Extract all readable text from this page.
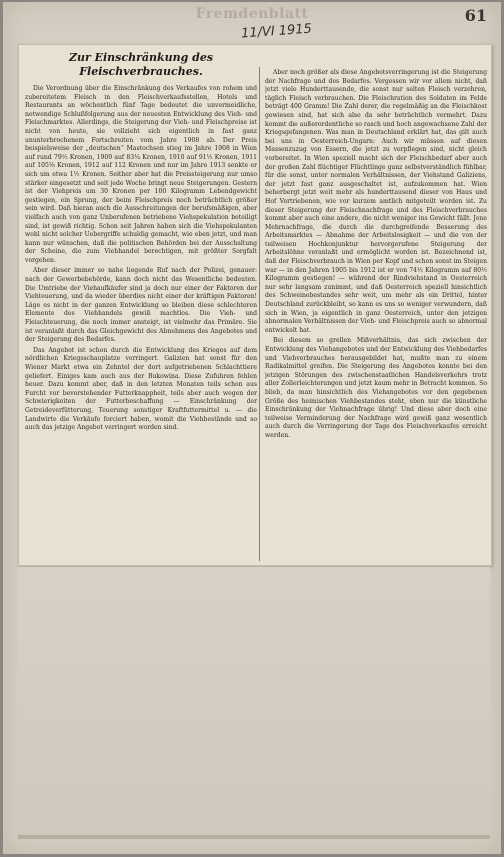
Fremdenblatt	61
11/VI 1915
Zur Einschränkung des Fleischverbrauches.

Die Verordnung über die Einschränkung des Verkaufes von rohem und zubereitetem Fleisch in den Fleischverkaufsstellen, Hotels und Restaurants an wöchentlich fünf Tage bedeutet die unvermeidliche, notwendige Schlußfolgerung aus der neuesten Entwicklung des Vieh- und Fleischmarktes. Allerdings, die Steigerung der Vieh- und Fleischpreise ist nicht von heute, sie vollzieht sich eigentlich in fast ganz ununterbrochenem Fortschreiten vom Jahre 1908 ab. Der Preis beispielsweise der „deutschen“ Mastochsen stieg im Jahre 1908 in Wien auf rund 79½ Kronen, 1909 auf 83¼ Kronen, 1910 auf 91½ Kronen, 1911 auf 105⅛ Kronen, 1912 auf 112 Kronen und nur im Jahre 1913 senkte er sich um etwa 1½ Kronen. Seither aber hat die Preissteigerung nur umso stärker eingesetzt und seit jede Woche bringt neue Steigerungen. Gestern ist der Viehpreis um 30 Kronen per 100 Kilogramm Lebendgewicht gestiegen, ein Sprung, der beim Fleischpreis noch beträchtlich größer sein wird. Daß hieran auch die Ausschreitungen der berufsmäßigen, aber vielfach auch von ganz Unberufenen betriebene Viehspekulation beteiligt sind, ist gewiß richtig. Schon seit Jahren haben sich die Viehspekulanten wohl nicht solcher Uebergriffe schuldig gemacht, wie eben jetzt, und man kann nur wünschen, daß die politischen Behörden bei der Ausschaltung der Scheine, die zum Viehhandel berechtigen, mit größter Sorgfalt vorgehen.

Aber dieser immer so nahe liegende Ruf nach der Polizei, genauer: nach der Gewerbebehörde, kann doch nicht das Wesentliche bedeuten. Die Umtriebe der Viehaufkäufer sind ja doch nur einer der Faktoren der Viehteuerung, und da wieder überdies nicht einer der kräftigen Faktoren! Läge es nicht in der ganzen Entwicklung so bleiben diese schlechteren Elemente des Viehhandels gewiß machtlos. Die Vieh- und Fleischteuerung, die noch immer ansteigt, ist vielmehr das Primäre. Sie ist veranlaßt durch das Gleichgewicht des Abnehmens des Angebotes und der Steigerung des Bedarfes.

Das Angebot ist schon durch die Entwicklung des Krieges auf dem nördlichen Kriegsschauplatze verringert. Galizien hat sonst für den Wiener Markt etwa ein Zehntel der dort aufgetriebenen Schlachttiere geliefert. Einiges kam auch aus der Bukowina. Diese Zufuhren fehlen heuer. Dazu kommt aber, daß in den letzten Monaten teils schon aus Furcht vor bevorstehender Futterknappheit, teils aber auch wegen der Schwierigkeiten der Futterbeschaffung — Einschränkung der Getreideverfütterung, Teuerung sonstiger Kraftfuttermittel u. — die Landwirte die Verkäufe forciert haben, womit die Viehbestände und so auch das jetzige Angebot verringert worden sind.

Aber noch größer als diese Angebotsverringerung ist die Steigerung der Nachfrage und des Bedarfes. Vergessen wir vor allem nicht, daß jetzt viele Hunderttausende, die sonst nur selten Fleisch verzehren, täglich Fleisch verbrauchen. Die Fleischration des Soldaten im Felde beträgt 400 Gramm! Die Zahl derer, die regelmäßig an die Fleischkost gewiesen sind, hat sich also da sehr beträchtlich vermehrt. Dazu kommt die außerordentliche so rasch und hoch angewachsene Zahl der Kriegsgefangenen. Was man in Deutschland erklärt hat, das gilt auch bei uns in Oesterreich-Ungarn: Auch wir müssen auf diesen Massenzuzug von Essern, die jetzt zu verpflegen sind, nicht gleich vorbereitet. In Wien speziell macht sich der Fleischbedarf aber auch der großen Zahl flüchtiger Flüchtlinge ganz selbstverständlich fühlbar, für die sonst, unter normalen Verhältnissen, der Viehstand Galiziens, der jetzt fast ganz ausgeschaltet ist, aufzukommen hat. Wien beherbergt jetzt weit mehr als hunderttausend dieser von Haus und Hof Vertriebenen, wie vor kurzem amtlich mitgeteilt worden ist. Zu dieser Steigerung der Fleischnachfrage und des Fleischverbrauches kommt aber auch eine andere, die nicht weniger ins Gewicht fällt. Jene Mehrnachfrage, die durch die durchgreifende Besserung des Arbeitsmarktes — Abnahme der Arbeitslosigkeit — und die von der teilweisen Hochkonjunktur hervorgerufene Steigerung der Arbeitslöhne veranlaßt und ermöglicht worden ist. Bezeichnend ist, daß der Fleischverbrauch in Wien per Kopf und schon sonst im Steigen war — in den Jahren 1905 bis 1912 ist er von 74½ Kilogramm auf 80½ Kilogramm gestiegen! — während der Rindviehstand in Oesterreich nur sehr langsam zunimmt, und daß Oesterreich speziell hinsichtlich des Schweinebestandes sehr weit, um mehr als ein Drittel, hinter Deutschland zurückbleibt, so kann es uns so weniger verwundern, daß sich in Wien, ja eigentlich in ganz Oesterreich, unter den jetzigen abnormalen Verhältnissen der Vieh- und Fleischpreis auch so abnormal entwickelt hat.

Bei diesem so grellen Mißverhältnis, das sich zwischen der Entwicklung des Viehangebotes und der Entwicklung des Viehbedarfes und Viehverbrauches herausgebildet hat, mußte man zu einem Radikalmittel greifen. Die Steigerung des Angebotes konnte bei den jetzigen Störungen des zwischenstaatlichen Handelsverkehrs trotz aller Zollerleichterungen und jetzt kaum mehr in Betracht kommen. So blieb, da man hinsichtlich des Viehangebotes vor den gegebenen Größe des heimischen Viehbestandes steht, eben nur die künstliche Einschränkung der Viehnachfrage übrig! Und diese aber doch eine teilweise Verminderung der Nachfrage wird gewiß ganz wesentlich auch durch die Verringerung der Tage des Fleischverkaufes erreicht werden.
